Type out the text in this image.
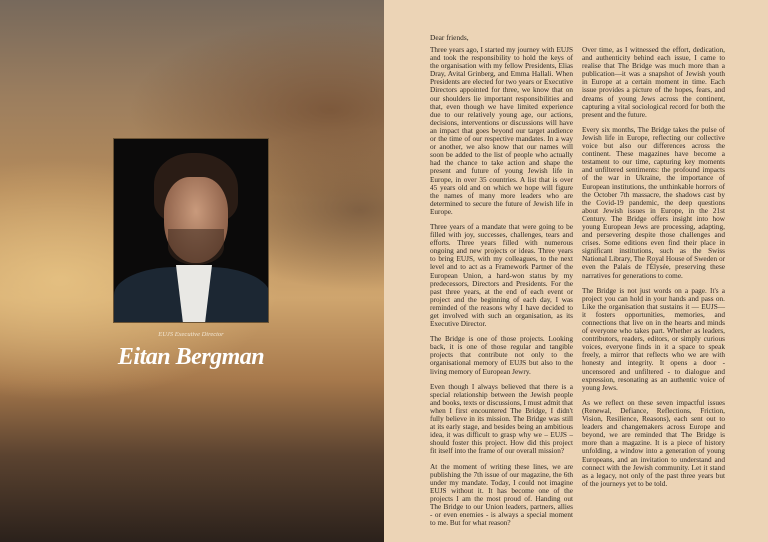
EUJS Executive Director
Eitan Bergman
Dear friends,

Three years ago, I started my journey with EUJS and took the responsibility to hold the keys of the organisation with my fellow Presidents, Elias Dray, Avital Grinberg, and Emma Hallali. When Presidents are elected for two years or Executive Directors appointed for three, we know that on our shoulders lie important responsibilities and that, even though we have limited experience due to our relatively young age, our actions, decisions, interventions or discussions will have an impact that goes beyond our target audience or the time of our respective mandates. In a way or another, we also know that our names will soon be added to the list of people who actually had the chance to take action and shape the present and future of young Jewish life in Europe, in over 35 countries. A list that is over 45 years old and on which we hope will figure the names of many more leaders who are determined to secure the future of Jewish life in Europe.

Three years of a mandate that were going to be filled with joy, successes, challenges, tears and efforts. Three years filled with numerous ongoing and new projects or ideas. Three years to bring EUJS, with my colleagues, to the next level and to act as a Framework Partner of the European Union, a hard-won status by my predecessors, Directors and Presidents. For the past three years, at the end of each event or project and the beginning of each day, I was reminded of the reasons why I have decided to get involved with such an organisation, as its Executive Director.

The Bridge is one of those projects. Looking back, it is one of those regular and tangible projects that contribute not only to the organisational memory of EUJS but also to the living memory of European Jewry.

Even though I always believed that there is a special relationship between the Jewish people and books, texts or discussions, I must admit that when I first encountered The Bridge, I didn't fully believe in its mission. The Bridge was still at its early stage, and besides being an ambitious idea, it was difficult to grasp why we – EUJS – should foster this project. How did this project fit itself into the frame of our overall mission?

At the moment of writing these lines, we are publishing the 7th issue of our magazine, the 6th under my mandate. Today, I could not imagine EUJS without it. It has become one of the projects I am the most proud of. Handing out The Bridge to our Union leaders, partners, allies - or even enemies - is always a special moment to me. But for what reason?

Over time, as I witnessed the effort, dedication, and authenticity behind each issue, I came to realise that The Bridge was much more than a publication—it was a snapshot of Jewish youth in Europe at a certain moment in time. Each issue provides a picture of the hopes, fears, and dreams of young Jews across the continent, capturing a vital sociological record for both the present and the future.

Every six months, The Bridge takes the pulse of Jewish life in Europe, reflecting our collective voice but also our differences across the continent. These magazines have become a testament to our time, capturing key moments and unfiltered sentiments: the profound impacts of the war in Ukraine, the importance of European institutions, the unthinkable horrors of the October 7th massacre, the shadows cast by the Covid-19 pandemic, the deep questions about Jewish issues in Europe, in the 21st Century. The Bridge offers insight into how young European Jews are processing, adapting, and persevering despite those challenges and crises. Some editions even find their place in significant institutions, such as the Swiss National Library, The Royal House of Sweden or even the Palais de l'Élysée, preserving these narratives for generations to come.

The Bridge is not just words on a page. It's a project you can hold in your hands and pass on. Like the organisation that sustains it — EUJS— it fosters opportunities, memories, and connections that live on in the hearts and minds of everyone who takes part. Whether as leaders, contributors, readers, editors, or simply curious voices, everyone finds in it a space to speak freely, a mirror that reflects who we are with honesty and integrity. It opens a door - uncensored and unfiltered - to dialogue and expression, resonating as an authentic voice of young Jews.

As we reflect on these seven impactful issues (Renewal, Defiance, Reflections, Friction, Vision, Resilience, Reasons), each sent out to leaders and changemakers across Europe and beyond, we are reminded that The Bridge is more than a magazine. It is a piece of history unfolding, a window into a generation of young Europeans, and an invitation to understand and connect with the Jewish community. Let it stand as a legacy, not only of the past three years but of the journeys yet to be told.
